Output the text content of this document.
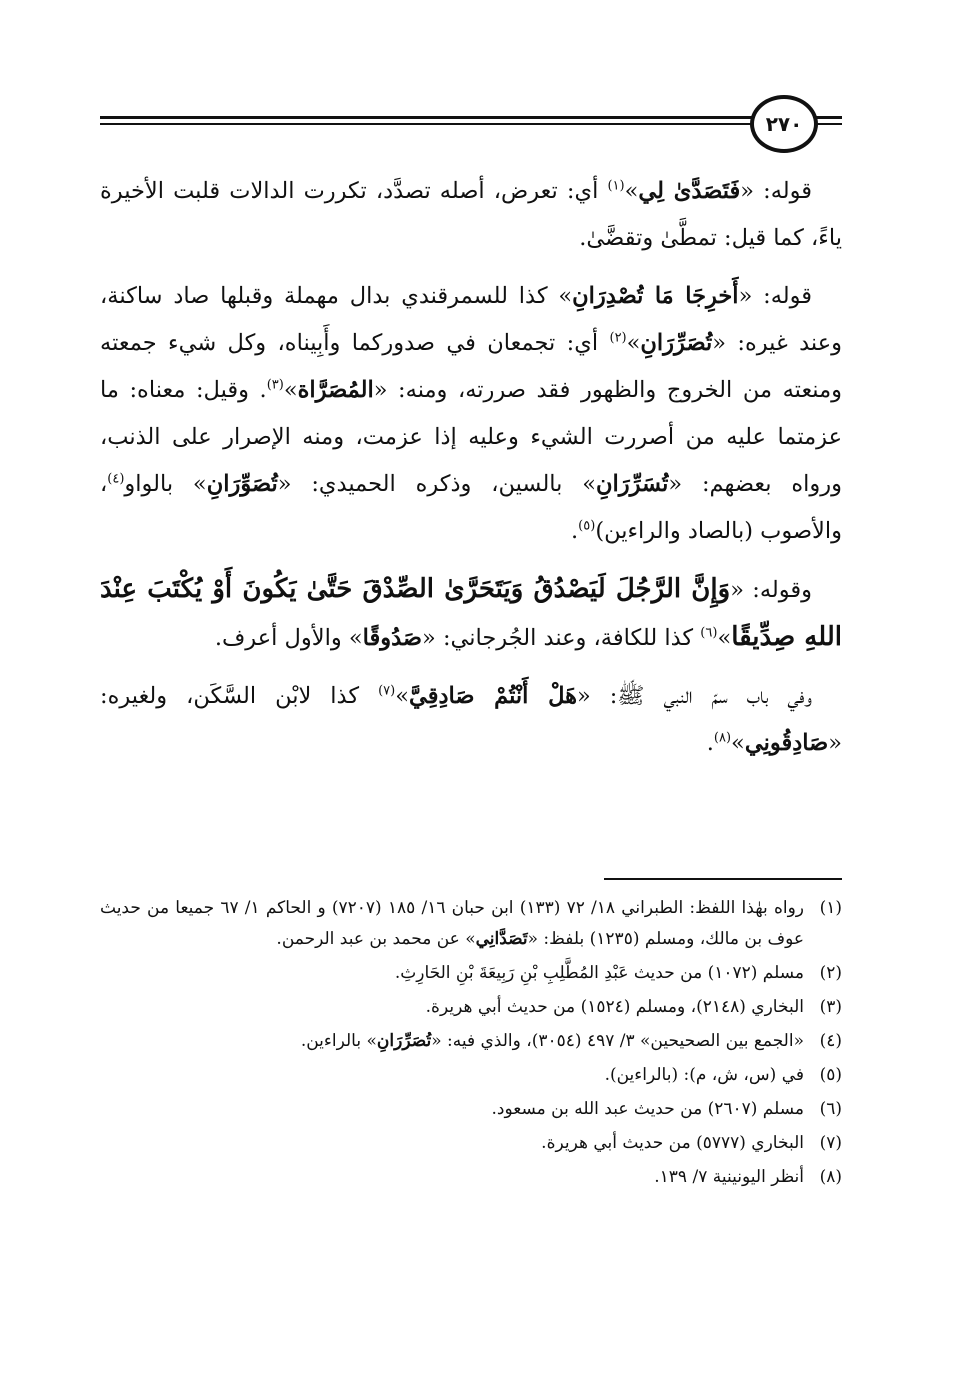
٢٧٠

قوله: «فَتَصَدَّىٰ لِي»$^{(١)}$ أي: تعرض، أصله تصدَّد، تكررت الدالات قلبت الأخيرة ياءً، كما قيل: تمطَّىٰ وتقضَّىٰ.

قوله: «أَخرِجَا مَا تُصْدِرَانِ» كذا للسمرقندي بدال مهملة وقبلها صاد ساكنة، وعند غيره: «تُصَرِّرَانِ»$^{(٢)}$ أي: تجمعان في صدوركما وأَبِيناه، وكل شيء جمعته ومنعته من الخروج والظهور فقد صررته، ومنه: «المُصَرَّاة»$^{(٣)}$. وقيل: معناه: ما عزمتما عليه من أصررت الشيء وعليه إذا عزمت، ومنه الإصرار على الذنب، ورواه بعضهم: «تُسَرِّرَانِ» بالسين، وذكره الحميدي: «تُصَوِّرَانِ» بالواو$^{(٤)}$، والأصوب (بالصاد والراءين)$^{(٥)}$.

وقوله: «وَإِنَّ الرَّجُلَ لَيَصْدُقُ وَيَتَحَرَّىٰ الصِّدْقَ حَتَّىٰ يَكُونَ أَوْ يُكْتَبَ عِنْدَ اللهِ صِدِّيقًا»$^{(٦)}$ كذا للكافة، وعند الجُرجاني: «صَدُوقًا» والأول أعرف.

وفي باب سمّ النبي ﷺ: «هَلْ أَنْتُمْ صَادِقِيَّ»$^{(٧)}$ كذا لابْن السَّكَن، ولغيره: «صَادِقُونِي»$^{(٨)}$.

(١)
رواه بهٰذا اللفظ: الطبراني ١٨/ ٧٢ (١٣٣) ابن حبان ١٦/ ١٨٥ (٧٢٠٧) و الحاكم ١/ ٦٧ جميعا من حديث عوف بن مالك، ومسلم (١٢٣٥) بلفظ: «تَصَدَّانِي» عن محمد بن عبد الرحمن.
(٢)
مسلم (١٠٧٢) من حديث عَبْدِ المُطَّلِبِ بْنِ رَبِيعَةَ بْنِ الحَارِثِ.
(٣)
البخاري (٢١٤٨)، ومسلم (١٥٢٤) من حديث أبي هريرة.
(٤)
«الجمع بين الصحيحين» ٣/ ٤٩٧ (٣٠٥٤)، والذي فيه: «تُصَرِّرَانِ» بالراءين.
(٥)
في (س، ش، م): (بالراءين).
(٦)
مسلم (٢٦٠٧) من حديث عبد الله بن مسعود.
(٧)
البخاري (٥٧٧٧) من حديث أبي هريرة.
(٨)
أنظر اليونينية ٧/ ١٣٩.
